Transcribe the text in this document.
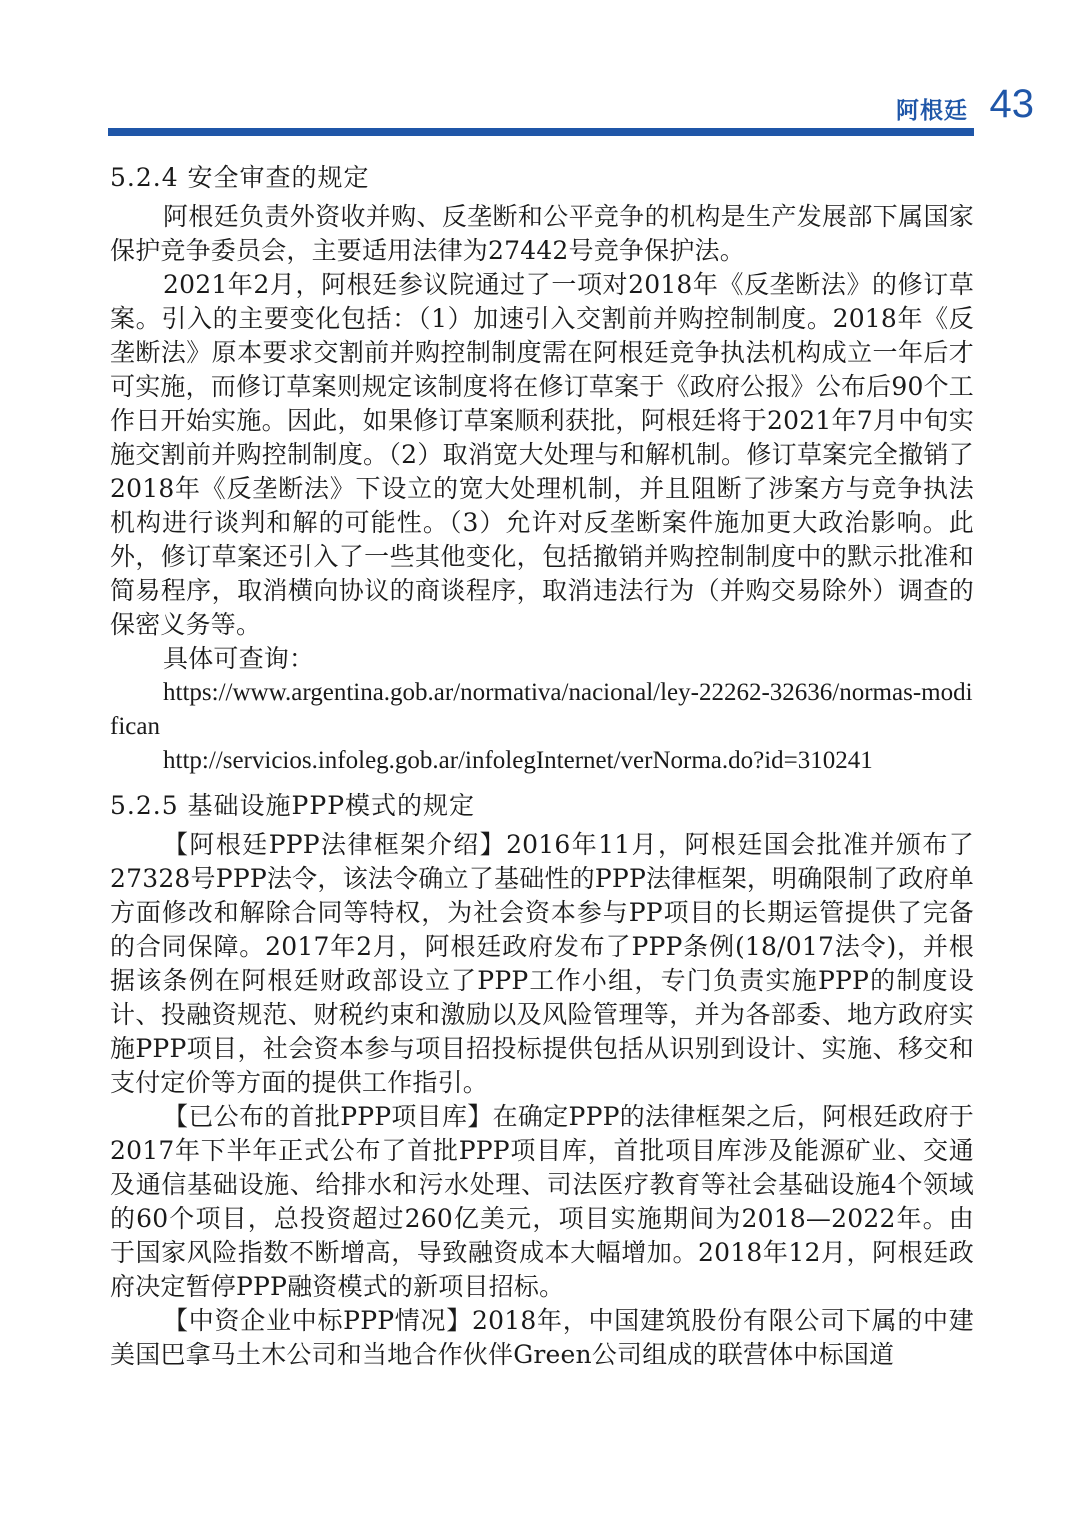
阿根廷 43
5.2.4 安全审查的规定

阿根廷负责外资收并购、反垄断和公平竞争的机构是生产发展部下属国家保护竞争委员会，主要适用法律为27442号竞争保护法。

2021年2月，阿根廷参议院通过了一项对2018年《反垄断法》的修订草案。引入的主要变化包括：（1）加速引入交割前并购控制制度。2018年《反垄断法》原本要求交割前并购控制制度需在阿根廷竞争执法机构成立一年后才可实施，而修订草案则规定该制度将在修订草案于《政府公报》公布后90个工作日开始实施。因此，如果修订草案顺利获批，阿根廷将于2021年7月中旬实施交割前并购控制制度。（2）取消宽大处理与和解机制。修订草案完全撤销了2018年《反垄断法》下设立的宽大处理机制，并且阻断了涉案方与竞争执法机构进行谈判和解的可能性。（3）允许对反垄断案件施加更大政治影响。此外，修订草案还引入了一些其他变化，包括撤销并购控制制度中的默示批准和简易程序，取消横向协议的商谈程序，取消违法行为（并购交易除外）调查的保密义务等。

具体可查询：

https://www.argentina.gob.ar/normativa/nacional/ley-22262-32636/normas-modifican

http://servicios.infoleg.gob.ar/infolegInternet/verNorma.do?id=310241

5.2.5 基础设施PPP模式的规定

【阿根廷PPP法律框架介绍】2016年11月，阿根廷国会批准并颁布了27328号PPP法令，该法令确立了基础性的PPP法律框架，明确限制了政府单方面修改和解除合同等特权，为社会资本参与PP项目的长期运管提供了完备的合同保障。2017年2月，阿根廷政府发布了PPP条例(18/017法令)，并根据该条例在阿根廷财政部设立了PPP工作小组，专门负责实施PPP的制度设计、投融资规范、财税约束和激励以及风险管理等，并为各部委、地方政府实施PPP项目，社会资本参与项目招投标提供包括从识别到设计、实施、移交和支付定价等方面的提供工作指引。

【已公布的首批PPP项目库】在确定PPP的法律框架之后，阿根廷政府于2017年下半年正式公布了首批PPP项目库，首批项目库涉及能源矿业、交通及通信基础设施、给排水和污水处理、司法医疗教育等社会基础设施4个领域的60个项目，总投资超过260亿美元，项目实施期间为2018—2022年。由于国家风险指数不断增高，导致融资成本大幅增加。2018年12月，阿根廷政府决定暂停PPP融资模式的新项目招标。

【中资企业中标PPP情况】2018年，中国建筑股份有限公司下属的中建美国巴拿马土木公司和当地合作伙伴Green公司组成的联营体中标国道
